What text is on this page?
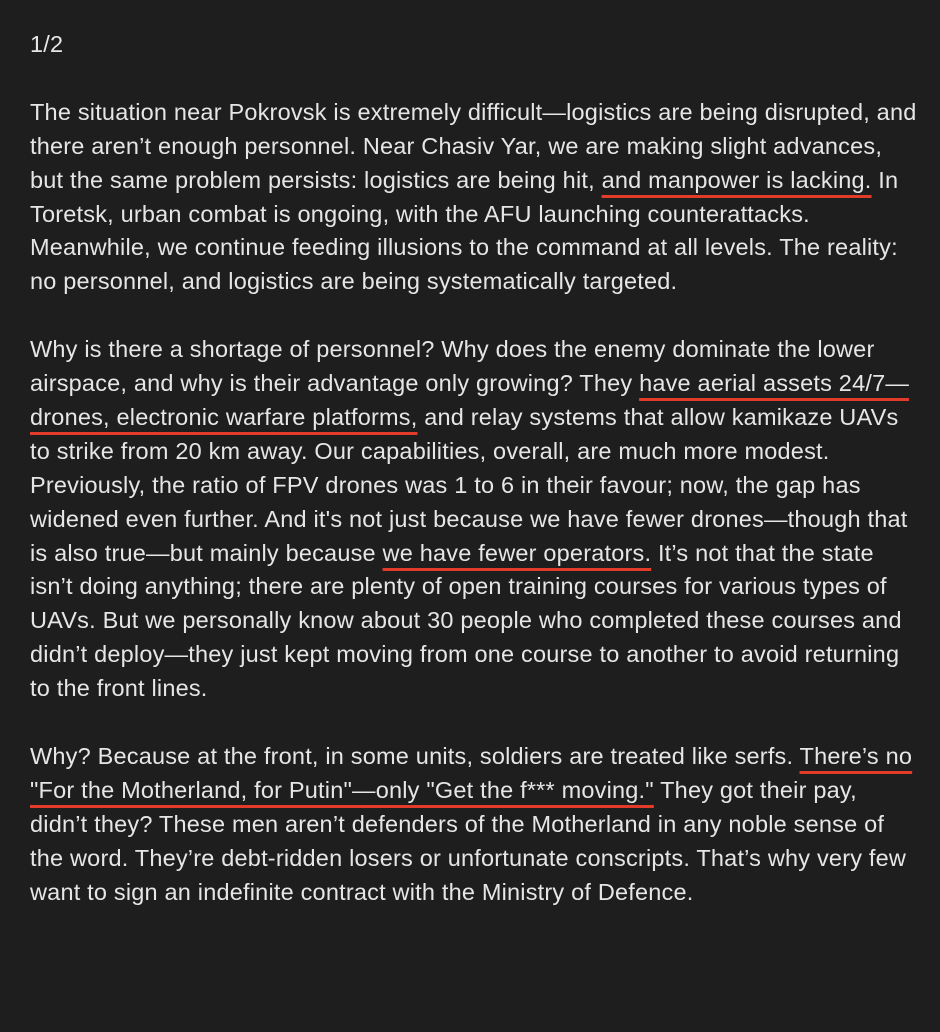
1/2

The situation near Pokrovsk is extremely difficult—logistics are being disrupted, and there aren’t enough personnel. Near Chasiv Yar, we are making slight advances, but the same problem persists: logistics are being hit, and manpower is lacking. In Toretsk, urban combat is ongoing, with the AFU launching counterattacks. Meanwhile, we continue feeding illusions to the command at all levels. The reality: no personnel, and logistics are being systematically targeted.

Why is there a shortage of personnel? Why does the enemy dominate the lower airspace, and why is their advantage only growing? They have aerial assets 24/7—drones, electronic warfare platforms, and relay systems that allow kamikaze UAVs to strike from 20 km away. Our capabilities, overall, are much more modest. Previously, the ratio of FPV drones was 1 to 6 in their favour; now, the gap has widened even further. And it's not just because we have fewer drones—though that is also true—but mainly because we have fewer operators. It’s not that the state isn’t doing anything; there are plenty of open training courses for various types of UAVs. But we personally know about 30 people who completed these courses and didn’t deploy—they just kept moving from one course to another to avoid returning to the front lines.

Why? Because at the front, in some units, soldiers are treated like serfs. There’s no "For the Motherland, for Putin"—only "Get the f*** moving." They got their pay, didn’t they? These men aren’t defenders of the Motherland in any noble sense of the word. They’re debt-ridden losers or unfortunate conscripts. That’s why very few want to sign an indefinite contract with the Ministry of Defence.
